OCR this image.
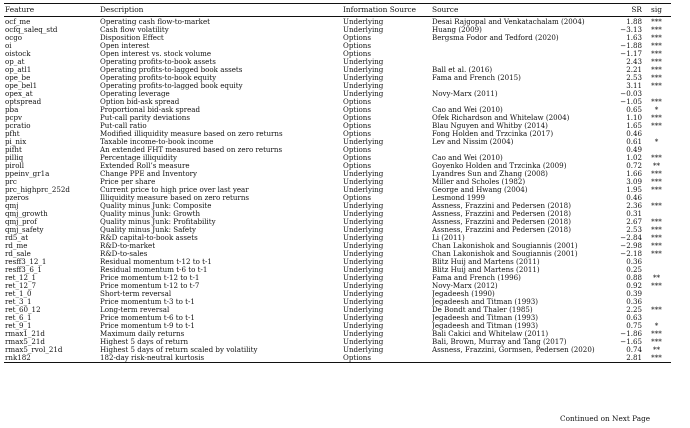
Feature	Description	Information Source	Source	SR	sig
ocf_me	Operating cash flow-to-market	Underlying	Desai Rajgopal and Venkatachalam (2004)	1.88	***
ocfq_saleq_std	Cash flow volatility	Underlying	Huang (2009)	−3.13	***
ocgo	Disposition Effect	Options	Bergsma Fodor and Tedford (2020)	1.63	***
oi	Open interest	Options		−1.88	***
oistock	Open interest vs. stock volume	Options		−1.17	***
op_at	Operating profits-to-book assets	Underlying		2.43	***
op_atl1	Operating profits-to-lagged book assets	Underlying	Ball et al. (2016)	2.21	***
ope_be	Operating profits-to-book equity	Underlying	Fama and French (2015)	2.53	***
ope_bel1	Operating profits-to-lagged book equity	Underlying		3.11	***
opex_at	Operating leverage	Underlying	Novy-Marx (2011)	−0.03	
optspread	Option bid-ask spread	Options		−1.05	***
pba	Proportional bid-ask spread	Options	Cao and Wei (2010)	0.65	*
pcpv	Put-call parity deviations	Options	Ofek Richardson and Whitelaw (2004)	1.10	***
pcratio	Put-call ratio	Options	Blau Nguyen and Whitby (2014)	1.65	***
pfht	Modified illiquidity measure based on zero returns	Options	Fong Holden and Trzcinka (2017)	0.46	
pi_nix	Taxable income-to-book income	Underlying	Lev and Nissim (2004)	0.61	*
pifht	An extended FHT measured based on zero returns	Options		0.49	
pilliq	Percentage illiquidity	Options	Cao and Wei (2010)	1.02	***
piroll	Extended Roll’s measure	Options	Goyenko Holden and Trzcinka (2009)	0.72	**
ppeinv_gr1a	Change PPE and Inventory	Underlying	Lyandres Sun and Zhang (2008)	1.66	***
prc	Price per share	Underlying	Miller and Scholes (1982)	3.09	***
prc_highprc_252d	Current price to high price over last year	Underlying	George and Hwang (2004)	1.95	***
pzeros	Illiquidity measure based on zero returns	Options	Lesmond 1999	0.46	
qmj	Quality minus Junk: Composite	Underlying	Assness, Frazzini and Pedersen (2018)	2.36	***
qmj_growth	Quality minus Junk: Growth	Underlying	Assness, Frazzini and Pedersen (2018)	0.31	
qmj_prof	Quality minus Junk: Profitability	Underlying	Assness, Frazzini and Pedersen (2018)	2.67	***
qmj_safety	Quality minus Junk: Safety	Underlying	Assness, Frazzini and Pedersen (2018)	2.53	***
rd5_at	R&D capital-to-book assets	Underlying	Li (2011)	−2.84	***
rd_me	R&D-to-market	Underlying	Chan Lakonishok and Sougiannis (2001)	−2.98	***
rd_sale	R&D-to-sales	Underlying	Chan Lakonishok and Sougiannis (2001)	−2.18	***
resff3_12_1	Residual momentum t-12 to t-1	Underlying	Blitz Huij and Martens (2011)	0.36	
resff3_6_1	Residual momentum t-6 to t-1	Underlying	Blitz Huij and Martens (2011)	0.25	
ret_12_1	Price momentum t-12 to t-1	Underlying	Fama and French (1996)	0.88	**
ret_12_7	Price momentum t-12 to t-7	Underlying	Novy-Marx (2012)	0.92	***
ret_1_0	Short-term reversal	Underlying	Jegadeesh (1990)	0.39	
ret_3_1	Price momentum t-3 to t-1	Underlying	Jegadeesh and Titman (1993)	0.36	
ret_60_12	Long-term reversal	Underlying	De Bondt and Thaler (1985)	2.25	***
ret_6_1	Price momentum t-6 to t-1	Underlying	Jegadeesh and Titman (1993)	0.63	
ret_9_1	Price momentum t-9 to t-1	Underlying	Jegadeesh and Titman (1993)	0.75	*
rmax1_21d	Maximum daily returns	Underlying	Bali Cakici and Whitelaw (2011)	−1.86	***
rmax5_21d	Highest 5 days of return	Underlying	Bali, Brown, Murray and Tang (2017)	−1.65	***
rmax5_rvol_21d	Highest 5 days of return scaled by volatility	Underlying	Assness, Frazzini, Gormsen, Pedersen (2020)	0.74	**
rnk182	182-day risk-neutral kurtosis	Options		2.81	***
Continued on Next Page
